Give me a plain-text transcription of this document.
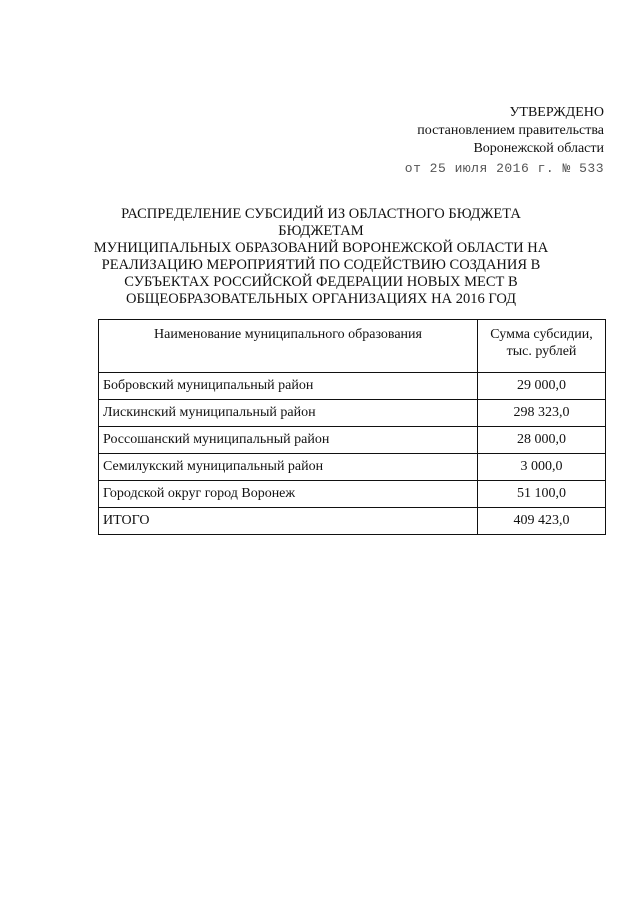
УТВЕРЖДЕНО
постановлением правительства
Воронежской области
от 25 июля 2016 г. № 533
РАСПРЕДЕЛЕНИЕ СУБСИДИЙ ИЗ ОБЛАСТНОГО БЮДЖЕТА БЮДЖЕТАМ
МУНИЦИПАЛЬНЫХ ОБРАЗОВАНИЙ ВОРОНЕЖСКОЙ ОБЛАСТИ НА
РЕАЛИЗАЦИЮ МЕРОПРИЯТИЙ ПО СОДЕЙСТВИЮ СОЗДАНИЯ В
СУБЪЕКТАХ РОССИЙСКОЙ ФЕДЕРАЦИИ НОВЫХ МЕСТ В
ОБЩЕОБРАЗОВАТЕЛЬНЫХ ОРГАНИЗАЦИЯХ НА 2016 ГОД
Наименование муниципального образования	Сумма субсидии,
тыс. рублей
Бобровский муниципальный район	29 000,0
Лискинский муниципальный район	298 323,0
Россошанский муниципальный район	28 000,0
Семилукский муниципальный район	3 000,0
Городской округ город Воронеж	51 100,0
ИТОГО	409 423,0
